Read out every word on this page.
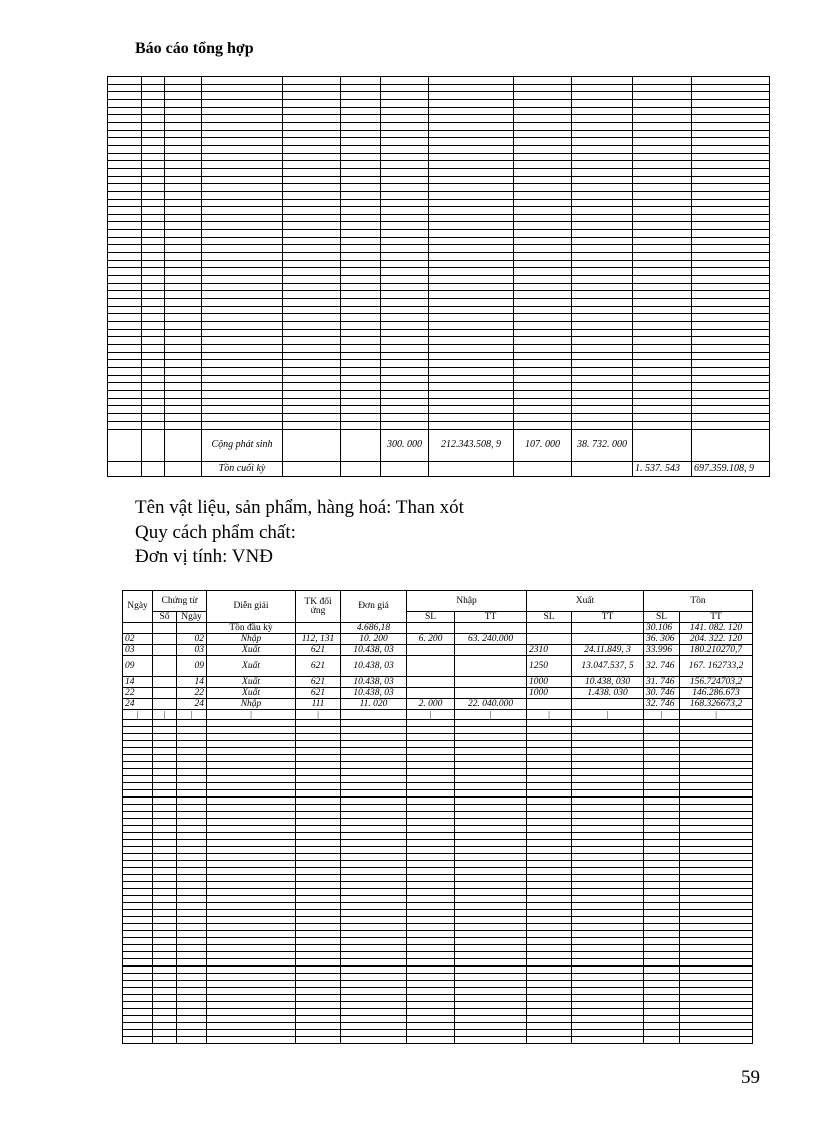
Báo cáo tổng hợp

			Cộng phát sinh			300. 000	212.343.508, 9	107. 000	38. 732. 000		
			Tồn cuối kỳ							1. 537. 543	697.359.108, 9
Tên vật liệu, sản phẩm, hàng hoá: Than xót
Quy cách phẩm chất:
Đơn vị tính: VNĐ
Ngày	Chứng từ		Diễn giải	TK đối ứng	Đơn giá	Nhập		Xuất		Tồn	
	Số	Ngày				SL	TT	SL	TT	SL	TT
			Tồn đầu kỳ		4.686,18					30.106	141. 082. 120
02		02	Nhập	112, 131	10. 200	6. 200	63. 240.000			36. 306	204. 322. 120
03		03	Xuất	621	10.438, 03			2310	24.11.849, 3	33.996	180.210270,7
09		09	Xuất	621	10.438, 03			1250	13.047.537, 5	32. 746	167. 162733,2
14		14	Xuất	621	10.438, 03			1000	10.438, 030	31. 746	156.724703,2
22		22	Xuất	621	10.438, 03			1000	1.438. 030	30. 746	146.286.673
24		24	Nhập	111	11. 020	2. 000	22. 040.000			32. 746	168.326673,2
|	|	|	|	|		|	|	|	|	|	|

59
